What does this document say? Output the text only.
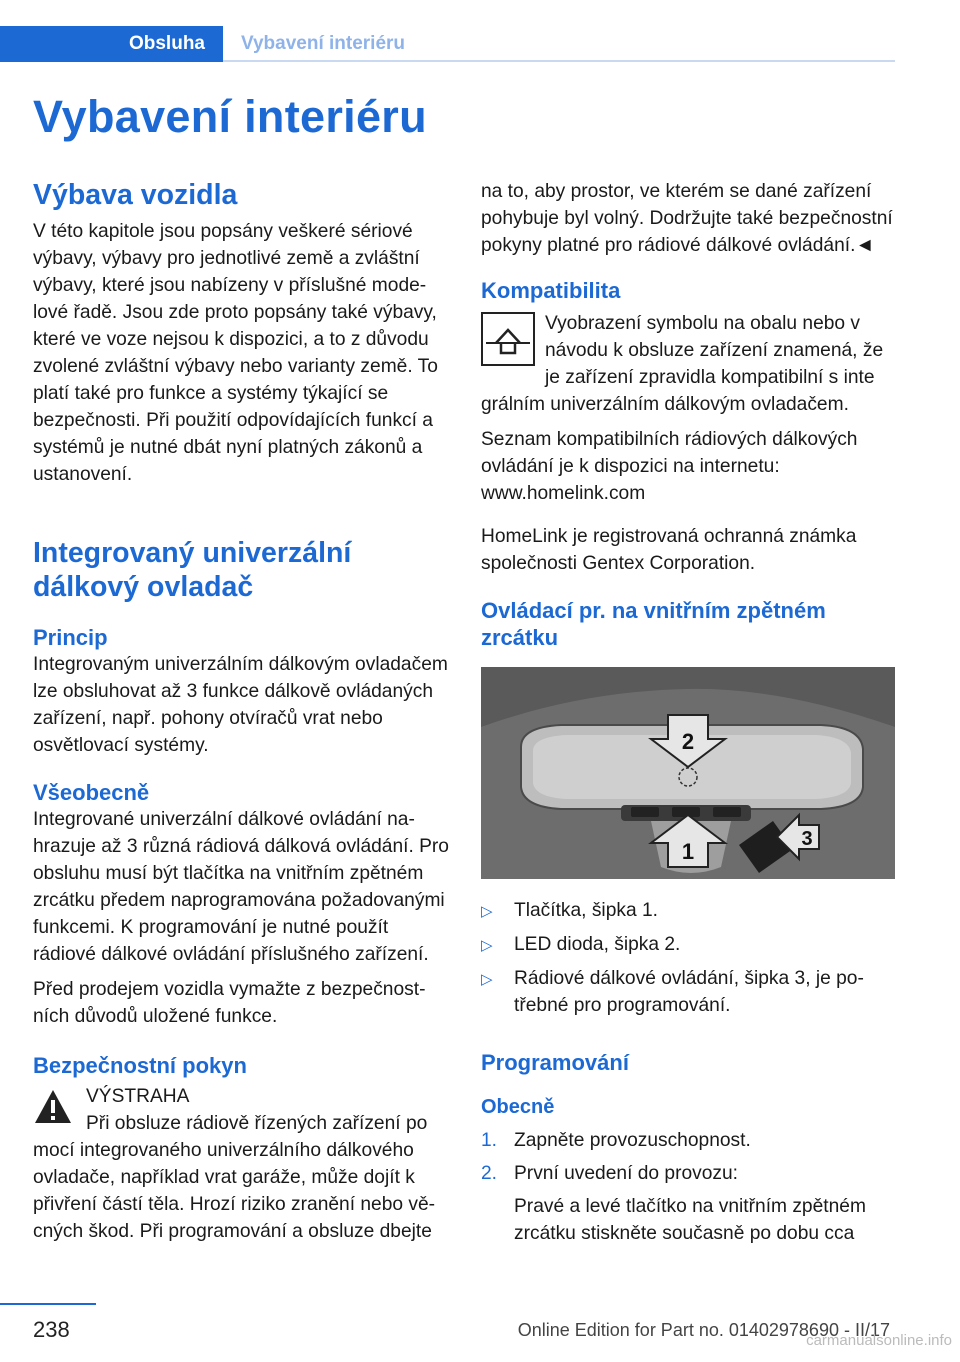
Obsluha Vybavení interiéru
Vybavení interiéru
Výbava vozidla

V této kapitole jsou popsány veškeré sériové výbavy, výbavy pro jednotlivé země a zvláštní výbavy, které jsou nabízeny v příslušné modelové řadě. Jsou zde proto popsány také výbavy, které ve voze nejsou k dispozici, a to z důvodu zvolené zvláštní výbavy nebo varianty země. To platí také pro funkce a systémy týkající se bezpečnosti. Při použití odpovídajících funkcí a systémů je nutné dbát nyní platných zákonů a ustanovení.

Integrovaný univerzální dálkový ovladač
Princip

Integrovaným univerzálním dálkovým ovladačem lze obsluhovat až 3 funkce dálkově ovládaných zařízení, např. pohony otvíračů vrat nebo osvětlovací systémy.

Všeobecně

Integrované univerzální dálkové ovládání nahrazuje až 3 různá rádiová dálková ovládání. Pro obsluhu musí být tlačítka na vnitřním zpětném zrcátku předem naprogramována požadovanými funkcemi. K programování je nutné použít rádiové dálkové ovládání příslušného zařízení.

Před prodejem vozidla vymažte z bezpečnostních důvodů uložené funkce.

Bezpečnostní pokyn

VÝSTRAHA

Při obsluze rádiově řízených zařízení po

mocí integrovaného univerzálního dálkového ovladače, například vrat garáže, může dojít k přivření částí těla. Hrozí riziko zranění nebo věcných škod. Při programování a obsluze dbejte

na to, aby prostor, ve kterém se dané zařízení pohybuje byl volný. Dodržujte také bezpečnostní pokyny platné pro rádiové dálkové ovládání.◄

Kompatibilita

Vyobrazení symbolu na obalu nebo v návodu k obsluze zařízení znamená, že je zařízení zpravidla kompatibilní s inte

grálním univerzálním dálkovým ovladačem.

Seznam kompatibilních rádiových dálkových ovládání je k dispozici na internetu:

www.homelink.com

HomeLink je registrovaná ochranná známka společnosti Gentex Corporation.

Ovládací pr. na vnitřním zpětném zrcátku
2
1	3
▷	Tlačítka, šipka 1.
▷	LED dioda, šipka 2.
▷	Rádiové dálkové ovládání, šipka 3, je potřebné pro programování.
Programování
Obecně
1. Zapněte provozuschopnost.
2. První uvedení do provozu:

Pravé a levé tlačítko na vnitřním zpětném zrcátku stiskněte současně po dobu cca

238	Online Edition for Part no. 01402978690 - II/17
carmanualsonline.info
